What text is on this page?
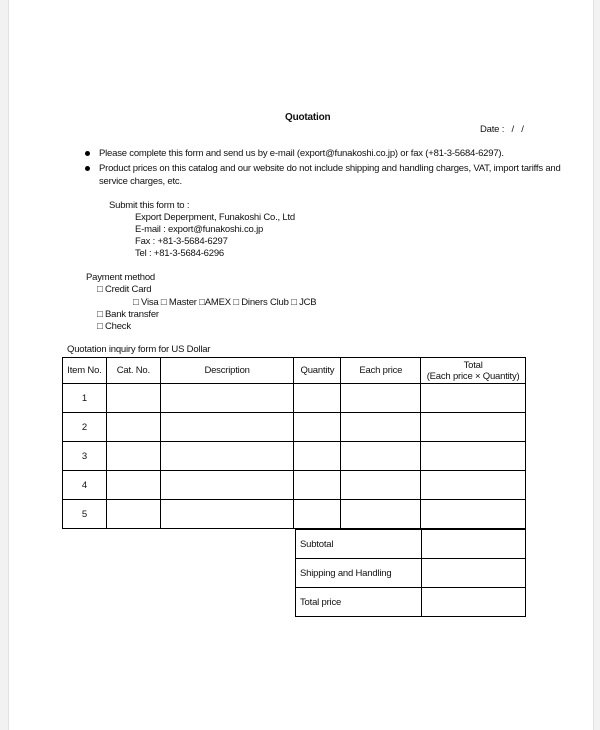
Quotation
Date :   /   /
Please complete this form and send us by e-mail (export@funakoshi.co.jp) or fax (+81-3-5684-6297).
Product prices on this catalog and our website do not include shipping and handling charges, VAT, import tariffs and
service charges, etc.
Submit this form to :
Export Deperpment, Funakoshi Co., Ltd
E-mail : export@funakoshi.co.jp
Fax : +81-3-5684-6297
Tel : +81-3-5684-6296
Payment method
□ Credit Card
□ Visa □ Master □AMEX □ Diners Club □ JCB
□ Bank transfer
□ Check
Quotation inquiry form for US Dollar
Item No.	Cat. No.	Description	Quantity	Each price	Total
(Each price × Quantity)

1					
2					
3					
4					
5					
Subtotal	
Shipping and Handling	
Total price	
